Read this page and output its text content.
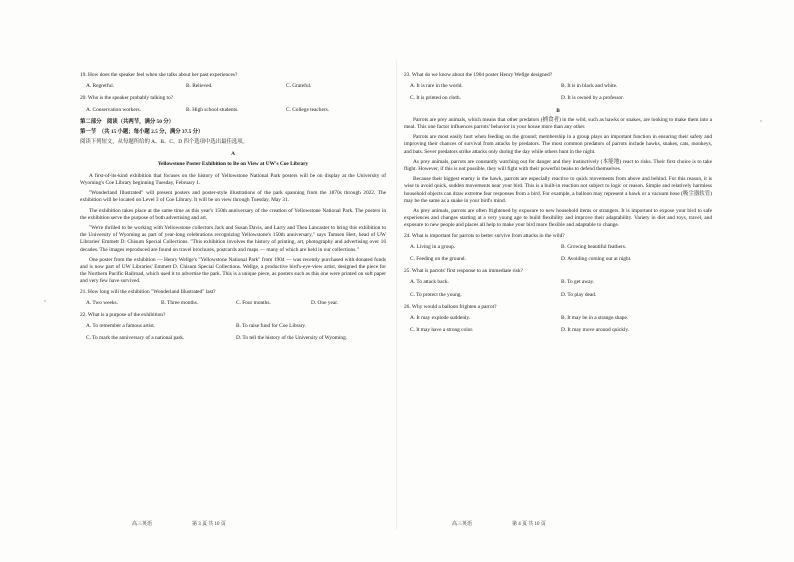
19. How does the speaker feel when she talks about her past experiences?
A. Regretful.	B. Relieved.	C. Grateful.
20. Who is the speaker probably talking to?
A. Conservation workers.	B. High school students.	C. College teachers.
第二部分　阅读（共两节，满分 50 分）
第一节　（共 15 小题；每小题 2.5 分，满分 37.5 分）
阅读下列短文，从每题所给的 A、B、C、D 四个选项中选出最佳选项。
A
Yellowstone Poster Exhibition to Be on View at UW's Coe Library
A first-of-its-kind exhibition that focuses on the history of Yellowstone National Park posters will be on display at the University of Wyoming's Coe Library beginning Tuesday, February 1.
"Wonderland Illustrated" will present posters and poster-style illustrations of the park spanning from the 1870s through 2022. The exhibition will be located on Level 3 of Coe Library. It will be on view through Tuesday, May 31.
The exhibition takes place at the same time as this year's 150th anniversary of the creation of Yellowstone National Park. The posters in the exhibition serve the purpose of both advertising and art.
"We're thrilled to be working with Yellowstone collectors Jack and Susan Davis, and Larry and Thea Lancaster to bring this exhibition to the University of Wyoming as part of year-long celebrations recognizing Yellowstone's 150th anniversary," says Tamsen Hert, head of UW Libraries' Emmett D. Chisum Special Collections. "This exhibition involves the history of printing, art, photography and advertising over 16 decades. The images reproduced are found on travel brochures, postcards and maps — many of which are held in our collections."
One poster from the exhibition — Henry Wellge's "Yellowstone National Park" from 1904 — was recently purchased with donated funds and is now part of UW Libraries' Emmett D. Chisum Special Collections. Wellge, a productive bird's-eye-view artist, designed the piece for the Northern Pacific Railroad, which used it to advertise the park. This is a unique piece, as posters such as this one were printed on soft paper and very few have survived.
21. How long will the exhibition "Wonderland Illustrated" last?
A. Two weeks.	B. Three months.	C. Four months.	D. One year.
22. What is a purpose of the exhibition?
A. To remember a famous artist.	B. To raise fund for Coe Library.
C. To mark the anniversary of a national park.	D. To tell the history of the University of Wyoming.
高三英语	第 3 页 共 10 页
23. What do we know about the 1904 poster Henry Wellge designed?
A. It is rare in the world.	B. It is in black and white.
C. It is printed on cloth.	D. It is owned by a professor.
B
Parrots are prey animals, which means that other predators (捕食者) in the wild, such as hawks or snakes, are looking to make them into a meal. This one factor influences parrots' behavior in your house more than any other.
Parrots are most easily hurt when feeding on the ground; membership in a group plays an important function in ensuring their safety and improving their chances of survival from attacks by predators. The most common predators of parrots include hawks, snakes, cats, monkeys, and bats. Sever predators strike attacks only during the day while others hunt in the night.
As prey animals, parrots are constantly watching out for danger and they instinctively (本能地) react to risks. Their first choice is to take flight. However, if this is not possible, they will fight with their powerful beaks to defend themselves.
Because their biggest enemy is the hawk, parrots are especially reactive to quick movements from above and behind. For this reason, it is wise to avoid quick, sudden movements near your bird. This is a built-in reaction not subject to logic or reason. Simple and relatively harmless household objects can draw extreme fear responses from a bird. For example, a balloon may represent a hawk or a vacuum hose (吸尘器软管) may be the same as a snake in your bird's mind.
As prey animals, parrots are often frightened by exposure to new household items or strangers. It is important to expose your bird to safe experiences and changes starting at a very young age to build flexibility and improve their adaptability. Variety in diet and toys, travel, and exposure to new people and places all help to make your bird more flexible and adaptable to change.
24. What is important for parrots to better survive from attacks in the wild?
A. Living in a group.	B. Growing beautiful feathers.
C. Feeding on the ground.	D. Avoiding coming out at night.
25. What is parrots' first response to an immediate risk?
A. To attack back.	B. To get away.
C. To protect the young.	D. To play dead.
26. Why would a balloon frighten a parrot?
A. It may explode suddenly.	B. It may be in a strange shape.
C. It may have a strong color.	D. It may move around quickly.
高三英语	第 4 页 共 10 页
